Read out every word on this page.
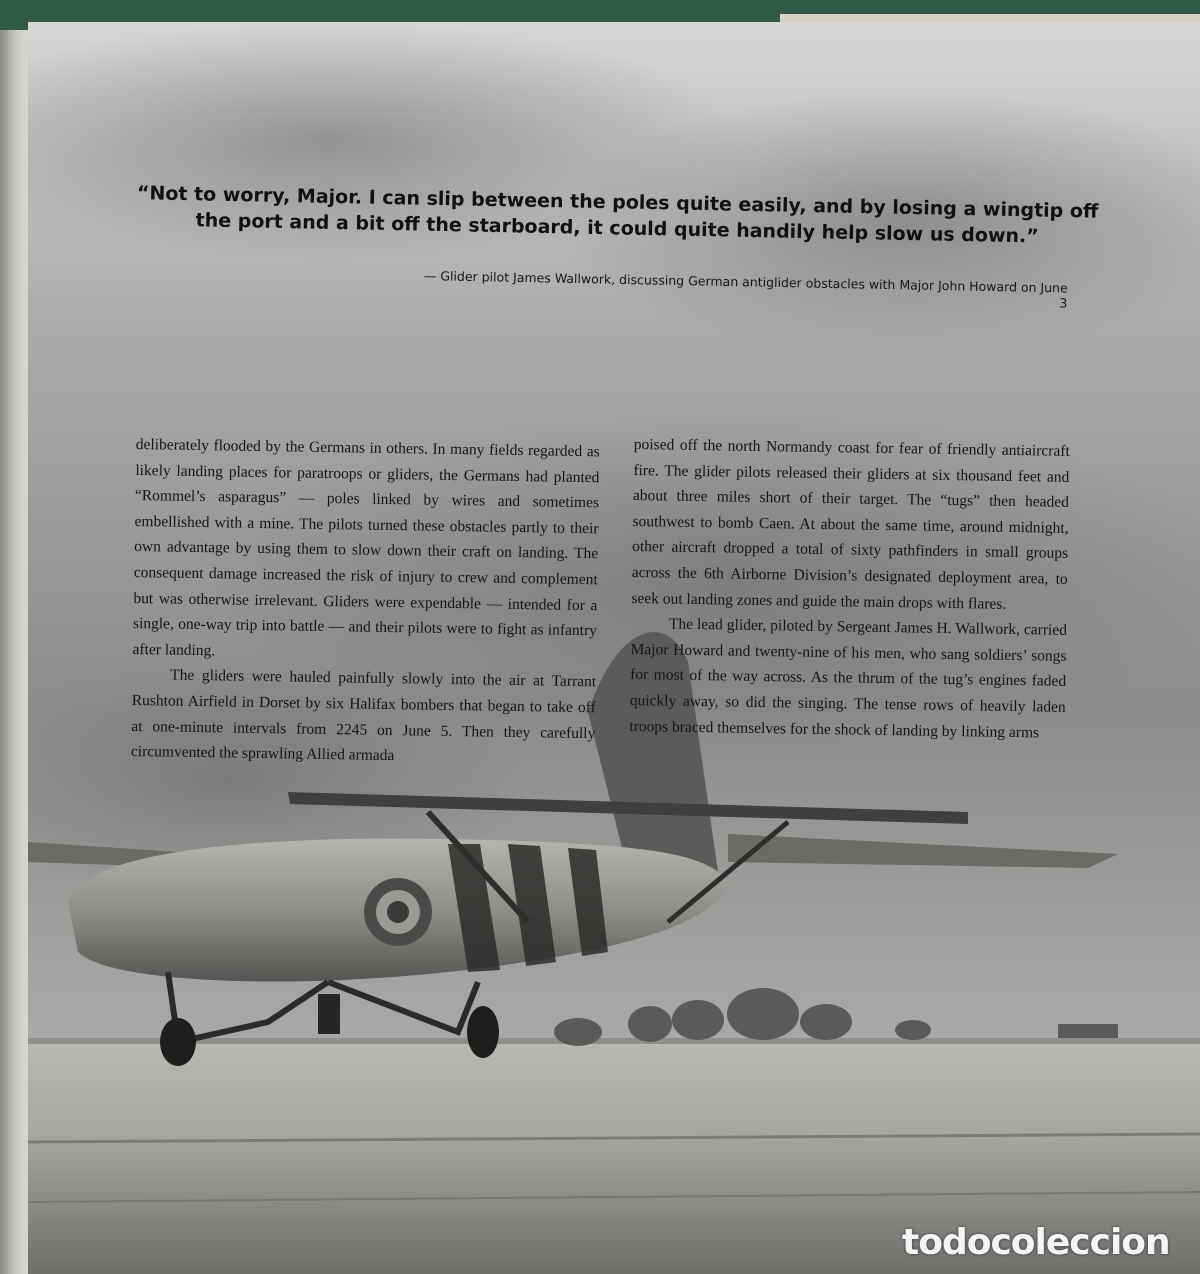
“Not to worry, Major. I can slip between the poles quite easily, and by losing a wingtip off the port and a bit off the starboard, it could quite handily help slow us down.”
— Glider pilot James Wallwork, discussing German antiglider obstacles with Major John Howard on June 3

deliberately flooded by the Germans in others. In many fields regarded as likely landing places for paratroops or gliders, the Germans had planted “Rommel’s asparagus” — poles linked by wires and sometimes embellished with a mine. The pilots turned these obstacles partly to their own advantage by using them to slow down their craft on landing. The consequent damage increased the risk of injury to crew and complement but was otherwise irrelevant. Gliders were expendable — intended for a single, one-way trip into battle — and their pilots were to fight as infantry after landing.

The gliders were hauled painfully slowly into the air at Tarrant Rushton Airfield in Dorset by six Halifax bombers that began to take off at one-minute intervals from 2245 on June 5. Then they carefully circumvented the sprawling Allied armada

poised off the north Normandy coast for fear of friendly antiaircraft fire. The glider pilots released their gliders at six thousand feet and about three miles short of their target. The “tugs” then headed southwest to bomb Caen. At about the same time, around midnight, other aircraft dropped a total of sixty pathfinders in small groups across the 6th Airborne Division’s designated deployment area, to seek out landing zones and guide the main drops with flares.

The lead glider, piloted by Sergeant James H. Wallwork, carried Major Howard and twenty-nine of his men, who sang soldiers’ songs for most of the way across. As the thrum of the tug’s engines faded quickly away, so did the singing. The tense rows of heavily laden troops braced themselves for the shock of landing by linking arms

todocoleccion
